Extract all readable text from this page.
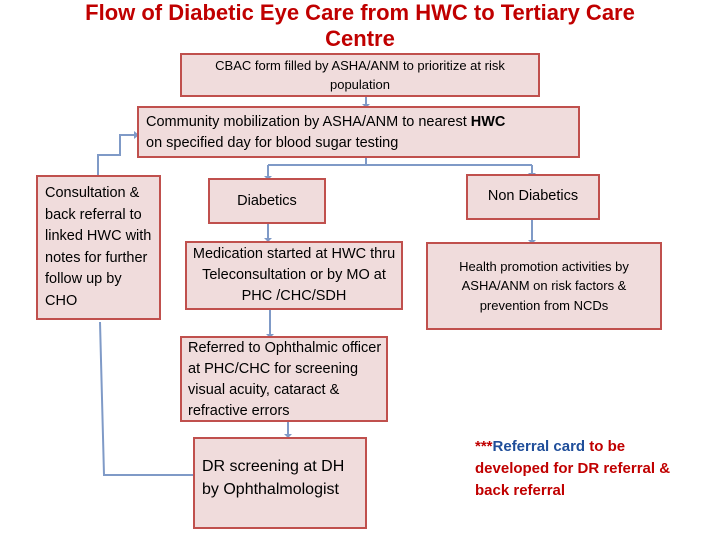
Flow of Diabetic Eye Care from HWC to Tertiary Care
Centre
CBAC form filled by ASHA/ANM to prioritize at risk
population
Community mobilization by ASHA/ANM to nearest HWC
on specified day for blood sugar testing
Consultation & back referral to linked HWC with notes for further follow up by CHO
Diabetics	Non Diabetics
Medication started at HWC thru Teleconsultation or by MO at PHC /CHC/SDH
Health promotion activities by ASHA/ANM on risk factors & prevention from NCDs
Referred to Ophthalmic officer at PHC/CHC for screening visual acuity, cataract & refractive errors
DR screening at DH by Ophthalmologist
***Referral card to be developed for DR referral & back referral
